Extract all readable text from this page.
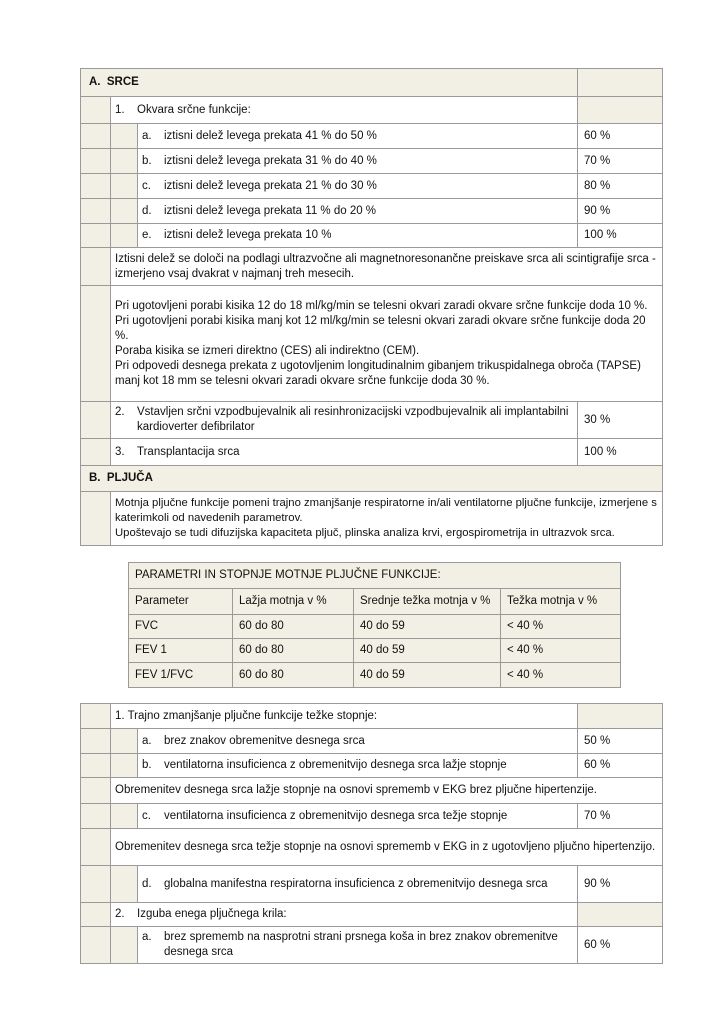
A.  SRCE			
	1. Okvara srčne funkcije:		
		a. iztisni delež levega prekata 41 % do 50 %	60 %
		b. iztisni delež levega prekata 31 % do 40 %	70 %
		c. iztisni delež levega prekata 21 % do 30 %	80 %
		d. iztisni delež levega prekata 11 % do 20 %	90 %
		e. iztisni delež levega prekata 10 %	100 %
	Iztisni delež se določi na podlagi ultrazvočne ali magnetnoresonančne preiskave srca ali scintigrafije srca - izmerjeno vsaj dvakrat v najmanj treh mesecih.		

	Pri ugotovljeni porabi kisika 12 do 18 ml/kg/min se telesni okvari zaradi okvare srčne funkcije doda 10 %.
Pri ugotovljeni porabi kisika manj kot 12 ml/kg/min se telesni okvari zaradi okvare srčne funkcije doda 20 %.
Poraba kisika se izmeri direktno (CES) ali indirektno (CEM).
Pri odpovedi desnega prekata z ugotovljenim longitudinalnim gibanjem trikuspidalnega obroča (TAPSE) manj kot 18 mm se telesni okvari zaradi okvare srčne funkcije doda 30 %.		

	2. Vstavljen srčni vzpodbujevalnik ali resinhronizacijski vzpodbujevalnik ali implantabilni kardioverter defibrilator		30 %
	3. Transplantacija srca		100 %
B.  PLJUČA			

	Motnja pljučne funkcije pomeni trajno zmanjšanje respiratorne in/ali ventilatorne pljučne funkcije, izmerjene s katerimkoli od navedenih parametrov.
Upoštevajo se tudi difuzijska kapaciteta pljuč, plinska analiza krvi, ergospirometrija in ultrazvok srca.		
PARAMETRI IN STOPNJE MOTNJE PLJUČNE FUNKCIJE:			
Parameter	Lažja motnja v %	Srednje težka motnja v %	Težka motnja v %
FVC	60 do 80	40 do 59	< 40 %
FEV 1	60 do 80	40 do 59	< 40 %
FEV 1/FVC	60 do 80	40 do 59	< 40 %
	1. Trajno zmanjšanje pljučne funkcije težke stopnje:		
		a. brez znakov obremenitve desnega srca	50 %
		b. ventilatorna insuficienca z obremenitvijo desnega srca lažje stopnje	60 %
	Obremenitev desnega srca lažje stopnje na osnovi sprememb v EKG brez pljučne hipertenzije.		
		c. ventilatorna insuficienca z obremenitvijo desnega srca težje stopnje	70 %
	Obremenitev desnega srca težje stopnje na osnovi sprememb v EKG in z ugotovljeno pljučno hipertenzijo.		

		d. globalna manifestna respiratorna insuficienca z obremenitvijo desnega srca	90 %
	2. Izguba enega pljučnega krila:		

		a. brez sprememb na nasprotni strani prsnega koša in brez znakov obremenitve desnega srca	60 %
